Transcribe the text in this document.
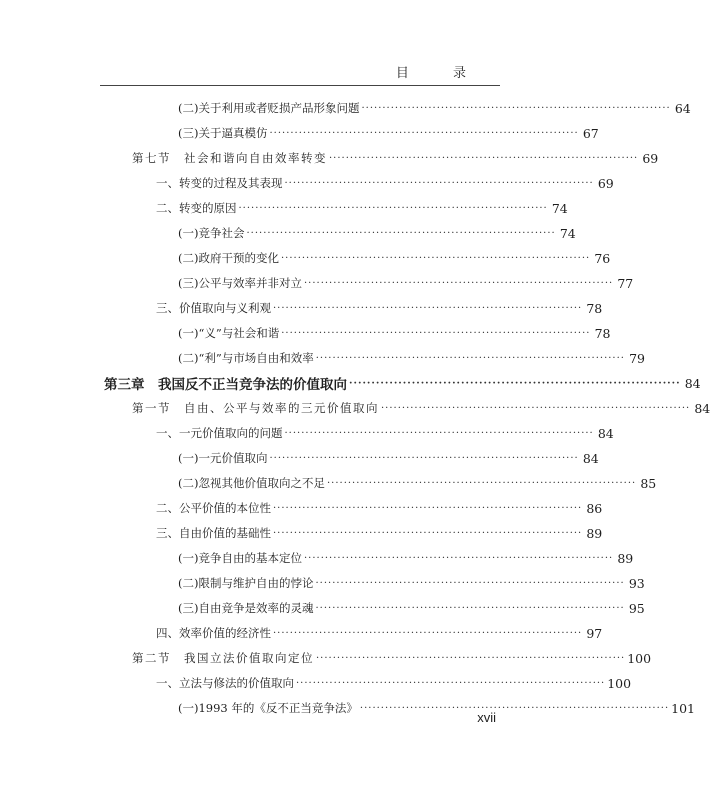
目 录
(二)关于利用或者贬损产品形象问题 ·········································································· 64
(三)关于逼真模仿 ·········································································· 67
第七节　社会和谐向自由效率转变 ·········································································· 69
一、转变的过程及其表现 ·········································································· 69
二、转变的原因 ·········································································· 74
(一)竞争社会 ·········································································· 74
(二)政府干预的变化 ·········································································· 76
(三)公平与效率并非对立 ·········································································· 77
三、价值取向与义利观 ·········································································· 78
(一)“义”与社会和谐 ·········································································· 78
(二)“利”与市场自由和效率 ·········································································· 79
第三章　我国反不正当竞争法的价值取向 ·········································································· 84
第一节　自由、公平与效率的三元价值取向 ·········································································· 84
一、一元价值取向的问题 ·········································································· 84
(一)一元价值取向 ·········································································· 84
(二)忽视其他价值取向之不足 ·········································································· 85
二、公平价值的本位性 ·········································································· 86
三、自由价值的基础性 ·········································································· 89
(一)竞争自由的基本定位 ·········································································· 89
(二)限制与维护自由的悖论 ·········································································· 93
(三)自由竞争是效率的灵魂 ·········································································· 95
四、效率价值的经济性 ·········································································· 97
第二节　我国立法价值取向定位 ·········································································· 100
一、立法与修法的价值取向 ·········································································· 100
(一)1993 年的《反不正当竞争法》 ·········································································· 101
xvii
